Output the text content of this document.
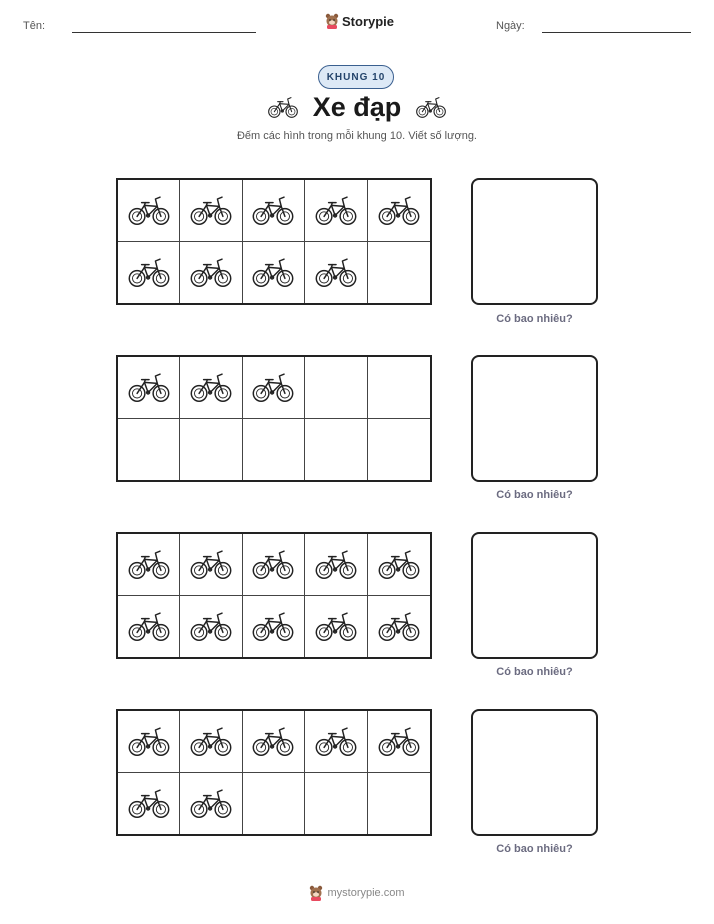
Tên:	Storypie	Ngày:
KHUNG 10
Xe đạp
Đếm các hình trong mỗi khung 10. Viết số lượng.
Có bao nhiêu?
Có bao nhiêu?
Có bao nhiêu?
Có bao nhiêu?
mystorypie.com
